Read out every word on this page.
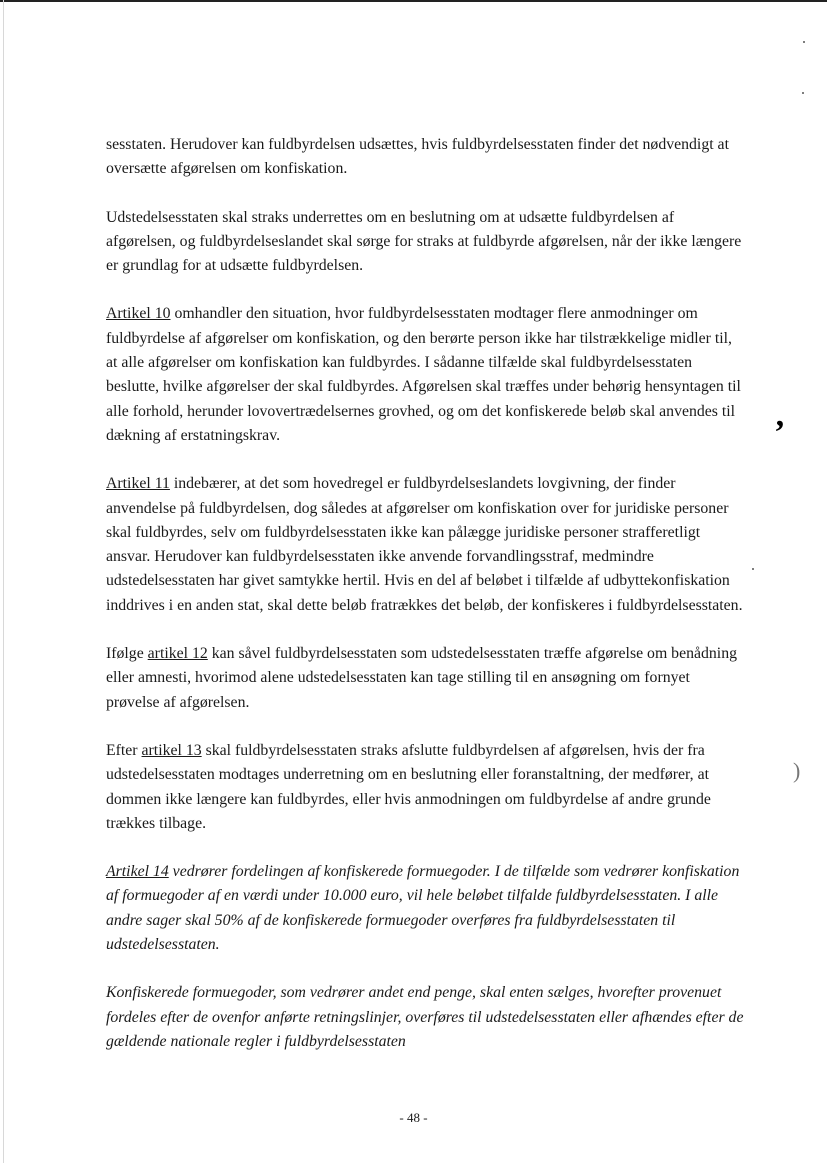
sesstaten. Herudover kan fuldbyrdelsen udsættes, hvis fuldbyrdelsesstaten finder det nødvendigt at oversætte afgørelsen om konfiskation.

Udstedelsesstaten skal straks underrettes om en beslutning om at udsætte fuldbyrdelsen af afgørelsen, og fuldbyrdelseslandet skal sørge for straks at fuldbyrde afgørelsen, når der ikke længere er grundlag for at udsætte fuldbyrdelsen.

Artikel 10 omhandler den situation, hvor fuldbyrdelsesstaten modtager flere anmodninger om fuldbyrdelse af afgørelser om konfiskation, og den berørte person ikke har tilstrækkelige midler til, at alle afgørelser om konfiskation kan fuldbyrdes. I sådanne tilfælde skal fuldbyrdelsesstaten beslutte, hvilke afgørelser der skal fuldbyrdes. Afgørelsen skal træffes under behørig hensyntagen til alle forhold, herunder lovovertrædelsernes grovhed, og om det konfiskerede beløb skal anvendes til dækning af erstatningskrav.

Artikel 11 indebærer, at det som hovedregel er fuldbyrdelseslandets lovgivning, der finder anvendelse på fuldbyrdelsen, dog således at afgørelser om konfiskation over for juridiske personer skal fuldbyrdes, selv om fuldbyrdelsesstaten ikke kan pålægge juridiske personer strafferetligt ansvar. Herudover kan fuldbyrdelsesstaten ikke anvende forvandlingsstraf, medmindre udstedelsesstaten har givet samtykke hertil. Hvis en del af beløbet i tilfælde af udbyttekonfiskation inddrives i en anden stat, skal dette beløb fratrækkes det beløb, der konfiskeres i fuldbyrdelsesstaten.

Ifølge artikel 12 kan såvel fuldbyrdelsesstaten som udstedelsesstaten træffe afgørelse om benådning eller amnesti, hvorimod alene udstedelsesstaten kan tage stilling til en ansøgning om fornyet prøvelse af afgørelsen.

Efter artikel 13 skal fuldbyrdelsesstaten straks afslutte fuldbyrdelsen af afgørelsen, hvis der fra udstedelsesstaten modtages underretning om en beslutning eller foranstaltning, der medfører, at dommen ikke længere kan fuldbyrdes, eller hvis anmodningen om fuldbyrdelse af andre grunde trækkes tilbage.

Artikel 14 vedrører fordelingen af konfiskerede formuegoder. I de tilfælde som vedrører konfiskation af formuegoder af en værdi under 10.000 euro, vil hele beløbet tilfalde fuldbyrdelsesstaten. I alle andre sager skal 50% af de konfiskerede formuegoder overføres fra fuldbyrdelsesstaten til udstedelsesstaten.

Konfiskerede formuegoder, som vedrører andet end penge, skal enten sælges, hvorefter provenuet fordeles efter de ovenfor anførte retningslinjer, overføres til udstedelsesstaten eller afhændes efter de gældende nationale regler i fuldbyrdelsesstaten

- 48 -
’
)
